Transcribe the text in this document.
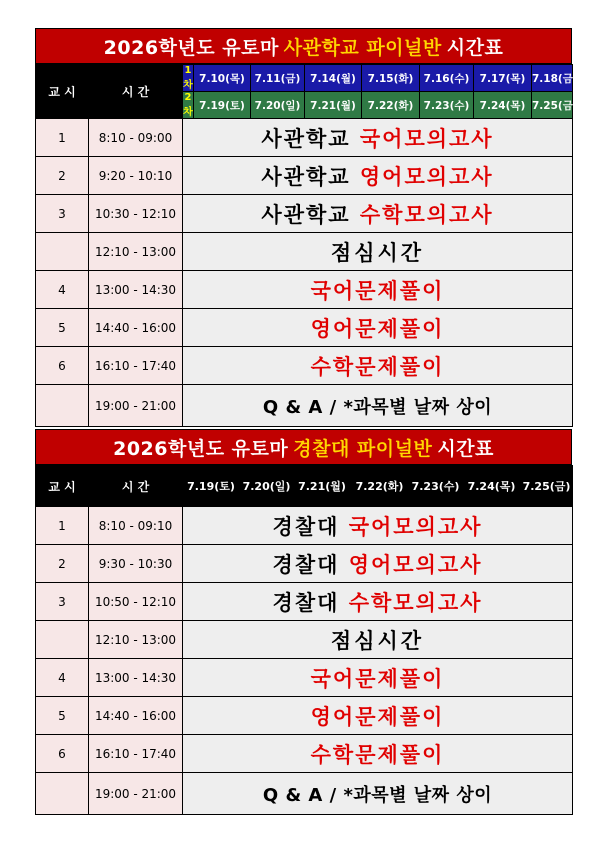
2026학년도 유토마 사관학교 파이널반 시간표
교 시	시 간	1차	7.10(목)	7.11(금)	7.14(월)	7.15(화)	7.16(수)	7.17(목)	7.18(금)
		2차	7.19(토)	7.20(일)	7.21(월)	7.22(화)	7.23(수)	7.24(목)	7.25(금)
1	8:10 - 09:00	사관학교 국어모의고사							
2	9:20 - 10:10	사관학교 영어모의고사							
3	10:30 - 12:10	사관학교 수학모의고사							
	12:10 - 13:00	점심시간							
4	13:00 - 14:30	국어문제풀이							
5	14:40 - 16:00	영어문제풀이							
6	16:10 - 17:40	수학문제풀이							
	19:00 - 21:00	Q & A / *과목별 날짜 상이							
2026학년도 유토마 경찰대 파이널반 시간표
교 시	시 간	7.19(토)	7.20(일)	7.21(월)	7.22(화)	7.23(수)	7.24(목)	7.25(금)
1	8:10 - 09:10	경찰대 국어모의고사						
2	9:30 - 10:30	경찰대 영어모의고사						
3	10:50 - 12:10	경찰대 수학모의고사						
	12:10 - 13:00	점심시간						
4	13:00 - 14:30	국어문제풀이						
5	14:40 - 16:00	영어문제풀이						
6	16:10 - 17:40	수학문제풀이						
	19:00 - 21:00	Q & A / *과목별 날짜 상이						
